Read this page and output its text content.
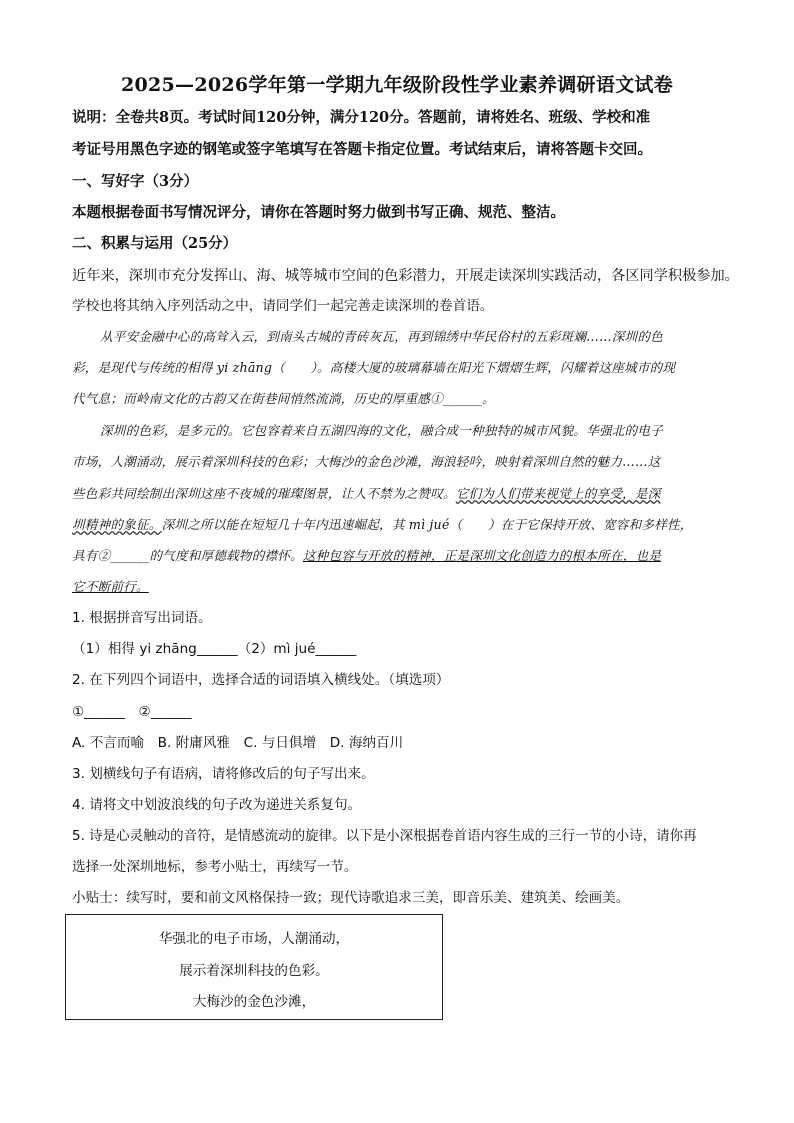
2025—2026学年第一学期九年级阶段性学业素养调研语文试卷
说明：全卷共8页。考试时间120分钟，满分120分。答题前，请将姓名、班级、学校和准
考证号用黑色字迹的钢笔或签字笔填写在答题卡指定位置。考试结束后，请将答题卡交回。
一、写好字（3分）
本题根据卷面书写情况评分，请你在答题时努力做到书写正确、规范、整洁。
二、积累与运用（25分）
近年来，深圳市充分发挥山、海、城等城市空间的色彩潜力，开展走读深圳实践活动，各区同学积极参加。
学校也将其纳入序列活动之中，请同学们一起完善走读深圳的卷首语。
从平安金融中心的高耸入云，到南头古城的青砖灰瓦，再到锦绣中华民俗村的五彩斑斓……深圳的色
彩，是现代与传统的相得 yi zhāng（　　）。高楼大厦的玻璃幕墙在阳光下熠熠生辉，闪耀着这座城市的现
代气息；而岭南文化的古韵又在街巷间悄然流淌，历史的厚重感①______。
深圳的色彩，是多元的。它包容着来自五湖四海的文化，融合成一种独特的城市风貌。华强北的电子
市场，人潮涌动，展示着深圳科技的色彩；大梅沙的金色沙滩，海浪轻吟，映射着深圳自然的魅力……这
些色彩共同绘制出深圳这座不夜城的璀璨图景，让人不禁为之赞叹。它们为人们带来视觉上的享受，是深
圳精神的象征。深圳之所以能在短短几十年内迅速崛起，其 mì jué（　　）在于它保持开放、宽容和多样性，
具有②______的气度和厚德载物的襟怀。这种包容与开放的精神，正是深圳文化创造力的根本所在，也是
它不断前行。
1. 根据拼音写出词语。
（1）相得 yi zhāng______（2）mì jué______
2. 在下列四个词语中，选择合适的词语填入横线处。（填选项）
①______　②______
A. 不言而喻　B. 附庸风雅　C. 与日俱增　D. 海纳百川
3. 划横线句子有语病，请将修改后的句子写出来。
4. 请将文中划波浪线的句子改为递进关系复句。
5. 诗是心灵触动的音符，是情感流动的旋律。以下是小深根据卷首语内容生成的三行一节的小诗，请你再
选择一处深圳地标，参考小贴士，再续写一节。
小贴士：续写时，要和前文风格保持一致；现代诗歌追求三美，即音乐美、建筑美、绘画美。
华强北的电子市场，人潮涌动，
展示着深圳科技的色彩。
大梅沙的金色沙滩，
